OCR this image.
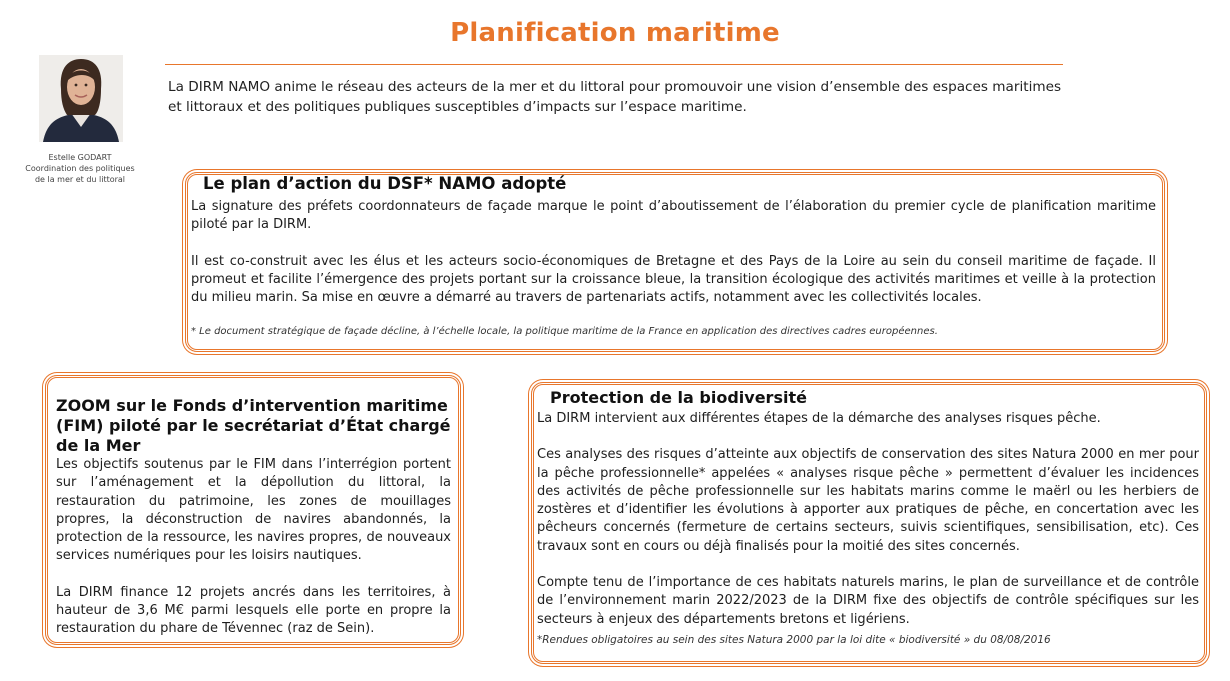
Planification maritime
Estelle GODART
Coordination des politiques
de la mer et du littoral
La DIRM NAMO anime le réseau des acteurs de la mer et du littoral pour promouvoir une vision d’ensemble des espaces maritimes et littoraux et des politiques publiques susceptibles d’impacts sur l’espace maritime.
Le plan d’action du DSF* NAMO adopté

La signature des préfets coordonnateurs de façade marque le point d’aboutissement de l’élaboration du premier cycle de planification maritime piloté par la DIRM.

Il est co-construit avec les élus et les acteurs socio-économiques de Bretagne et des Pays de la Loire au sein du conseil maritime de façade. Il promeut et facilite l’émergence des projets portant sur la croissance bleue, la transition écologique des activités maritimes et veille à la protection du milieu marin. Sa mise en œuvre a démarré au travers de partenariats actifs, notamment avec les collectivités locales.

* Le document stratégique de façade décline, à l’échelle locale, la politique maritime de la France en application des directives cadres européennes.

ZOOM sur le Fonds d’intervention maritime (FIM) piloté par le secrétariat d’État chargé de la Mer

Les objectifs soutenus par le FIM dans l’interrégion portent sur l’aménagement et la dépollution du littoral, la restauration du patrimoine, les zones de mouillages propres, la déconstruction de navires abandonnés, la protection de la ressource, les navires propres, de nouveaux services numériques pour les loisirs nautiques.

La DIRM finance 12 projets ancrés dans les territoires, à hauteur de 3,6 M€ parmi lesquels elle porte en propre la restauration du phare de Tévennec (raz de Sein).

Protection de la biodiversité

La DIRM intervient aux différentes étapes de la démarche des analyses risques pêche.

Ces analyses des risques d’atteinte aux objectifs de conservation des sites Natura 2000 en mer pour la pêche professionnelle* appelées « analyses risque pêche » permettent d’évaluer les incidences des activités de pêche professionnelle sur les habitats marins comme le maërl ou les herbiers de zostères et d’identifier les évolutions à apporter aux pratiques de pêche, en concertation avec les pêcheurs concernés (fermeture de certains secteurs, suivis scientifiques, sensibilisation, etc). Ces travaux sont en cours ou déjà finalisés pour la moitié des sites concernés.

Compte tenu de l’importance de ces habitats naturels marins, le plan de surveillance et de contrôle de l’environnement marin 2022/2023 de la DIRM fixe des objectifs de contrôle spécifiques sur les secteurs à enjeux des départements bretons et ligériens.

*Rendues obligatoires au sein des sites Natura 2000 par la loi dite « biodiversité » du 08/08/2016
